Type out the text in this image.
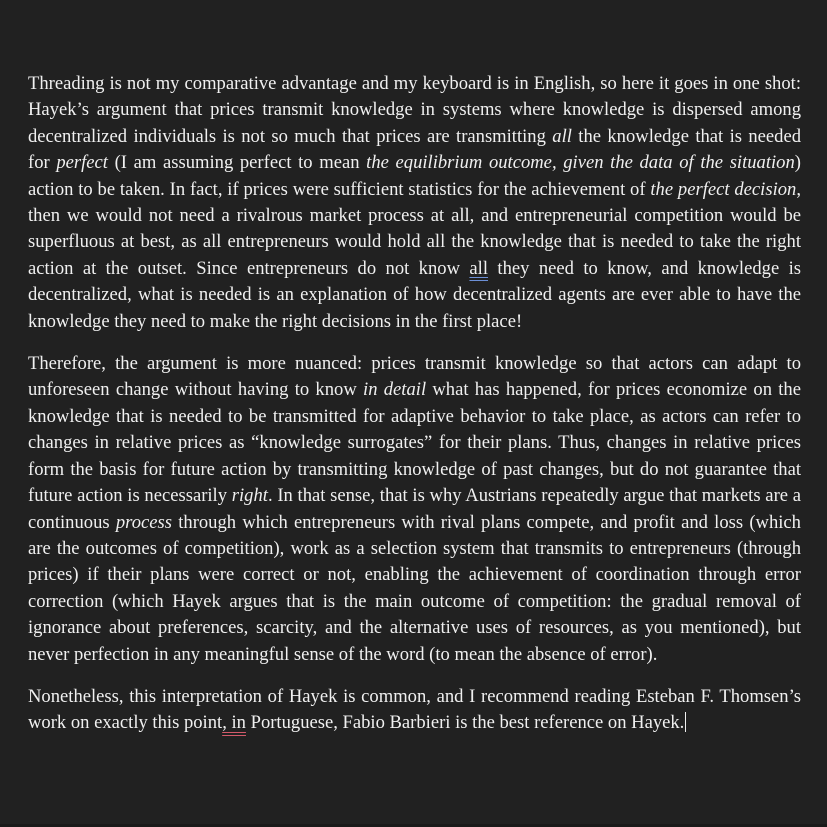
Threading is not my comparative advantage and my keyboard is in English, so here it goes in one shot: Hayek’s argument that prices transmit knowledge in systems where knowledge is dispersed among decentralized individuals is not so much that prices are transmitting all the knowledge that is needed for perfect (I am assuming perfect to mean the equilibrium outcome, given the data of the situation) action to be taken. In fact, if prices were sufficient statistics for the achievement of the perfect decision, then we would not need a rivalrous market process at all, and entrepreneurial competition would be superfluous at best, as all entrepreneurs would hold all the knowledge that is needed to take the right action at the outset. Since entrepreneurs do not know all they need to know, and knowledge is decentralized, what is needed is an explanation of how decentralized agents are ever able to have the knowledge they need to make the right decisions in the first place!

Therefore, the argument is more nuanced: prices transmit knowledge so that actors can adapt to unforeseen change without having to know in detail what has happened, for prices economize on the knowledge that is needed to be transmitted for adaptive behavior to take place, as actors can refer to changes in relative prices as “knowledge surrogates” for their plans. Thus, changes in relative prices form the basis for future action by transmitting knowledge of past changes, but do not guarantee that future action is necessarily right. In that sense, that is why Austrians repeatedly argue that markets are a continuous process through which entrepreneurs with rival plans compete, and profit and loss (which are the outcomes of competition), work as a selection system that transmits to entrepreneurs (through prices) if their plans were correct or not, enabling the achievement of coordination through error correction (which Hayek argues that is the main outcome of competition: the gradual removal of ignorance about preferences, scarcity, and the alternative uses of resources, as you mentioned), but never perfection in any meaningful sense of the word (to mean the absence of error).

Nonetheless, this interpretation of Hayek is common, and I recommend reading Esteban F. Thomsen’s work on exactly this point, in Portuguese, Fabio Barbieri is the best reference on Hayek.
